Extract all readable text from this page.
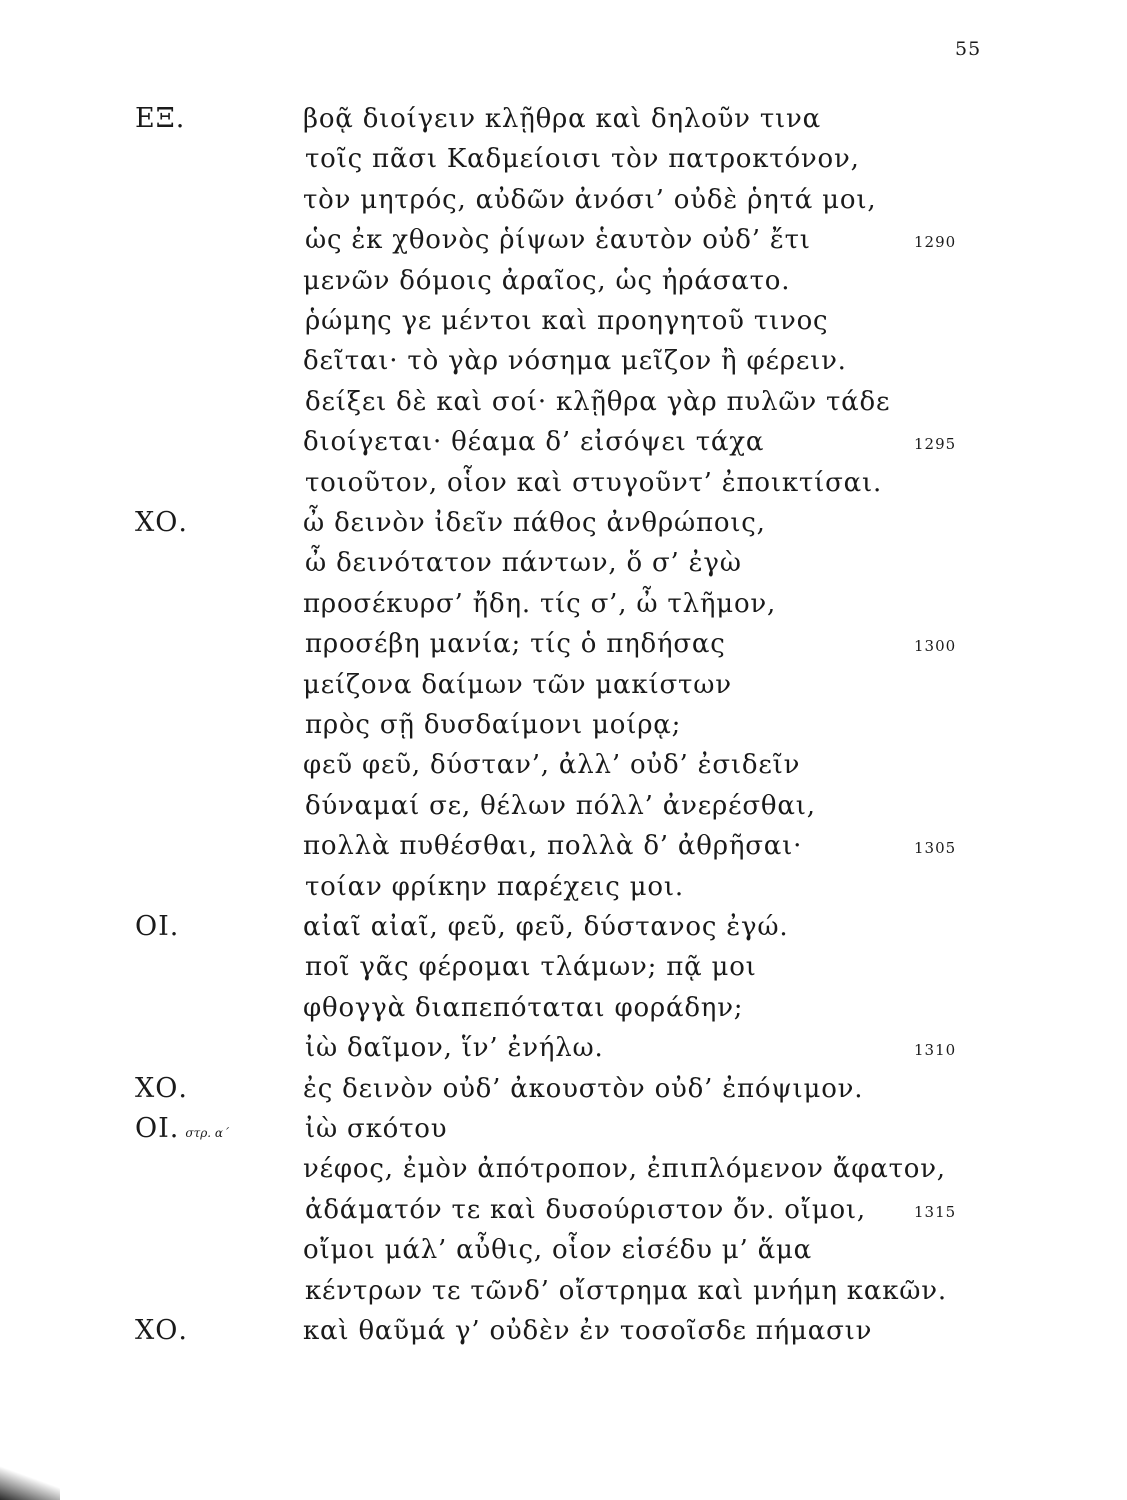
55
ΕΞ.	βοᾷ διοίγειν κλῇθρα καὶ δηλοῦν τινα
τοῖς πᾶσι Καδμείοισι τὸν πατροκτόνον,
τὸν μητρός, αὐδῶν ἀνόσι’ οὐδὲ ῥητά μοι,
ὡς ἐκ χθονὸς ῥίψων ἑαυτὸν οὐδ’ ἔτι	1290
μενῶν δόμοις ἀραῖος, ὡς ἠράσατο.
ῥώμης γε μέντοι καὶ προηγητοῦ τινος
δεῖται· τὸ γὰρ νόσημα μεῖζον ἢ φέρειν.
δείξει δὲ καὶ σοί· κλῇθρα γὰρ πυλῶν τάδε
διοίγεται· θέαμα δ’ εἰσόψει τάχα	1295
τοιοῦτον, οἷον καὶ στυγοῦντ’ ἐποικτίσαι.
ΧΟ.	ὦ δεινὸν ἰδεῖν πάθος ἀνθρώποις,
ὦ δεινότατον πάντων, ὅ σ’ ἐγὼ
προσέκυρσ’ ἤδη. τίς σ’, ὦ τλῆμον,
προσέβη μανία; τίς ὁ πηδήσας	1300
μείζονα δαίμων τῶν μακίστων
πρὸς σῇ δυσδαίμονι μοίρᾳ;
φεῦ φεῦ, δύσταν’, ἀλλ’ οὐδ’ ἐσιδεῖν
δύναμαί σε, θέλων πόλλ’ ἀνερέσθαι,
πολλὰ πυθέσθαι, πολλὰ δ’ ἀθρῆσαι·	1305
τοίαν φρίκην παρέχεις μοι.
ΟΙ.	αἰαῖ αἰαῖ, φεῦ, φεῦ, δύστανος ἐγώ.
ποῖ γᾶς φέρομαι τλάμων; πᾷ μοι
φθογγὰ διαπεπόταται φοράδην;
ἰὼ δαῖμον, ἵν’ ἐνήλω.	1310
ΧΟ.	ἐς δεινὸν οὐδ’ ἀκουστὸν οὐδ’ ἐπόψιμον.
ΟΙ. στρ. α΄	ἰὼ σκότου
νέφος, ἐμὸν ἀπότροπον, ἐπιπλόμενον ἄφατον,
ἀδάματόν τε καὶ δυσούριστον ὄν. οἴμοι,	1315
οἴμοι μάλ’ αὖθις, οἷον εἰσέδυ μ’ ἅμα
κέντρων τε τῶνδ’ οἴστρημα καὶ μνήμη κακῶν.
ΧΟ.	καὶ θαῦμά γ’ οὐδὲν ἐν τοσοῖσδε πήμασιν
